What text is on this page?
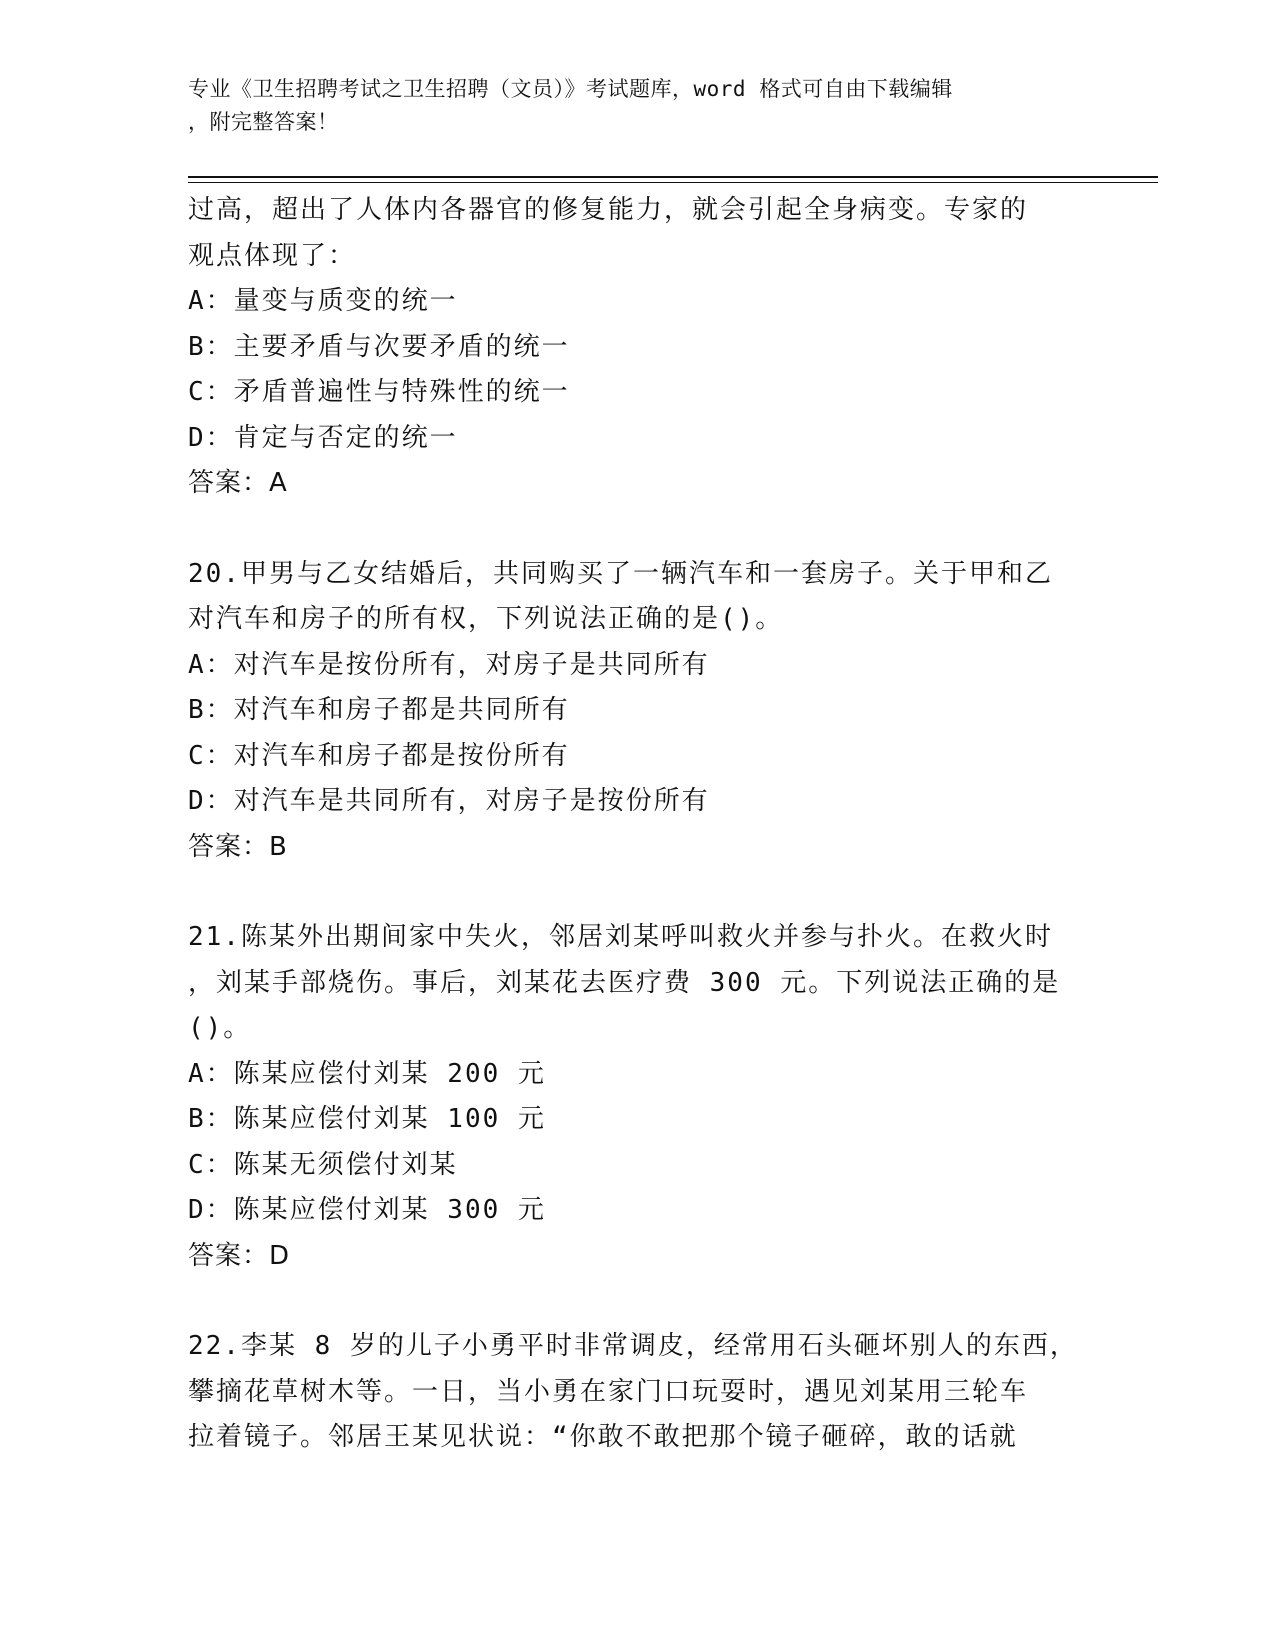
专业《卫生招聘考试之卫生招聘（文员）》考试题库，word 格式可自由下载编辑
，附完整答案！
过高，超出了人体内各器官的修复能力，就会引起全身病变。专家的
观点体现了：
A：量变与质变的统一
B：主要矛盾与次要矛盾的统一
C：矛盾普遍性与特殊性的统一
D：肯定与否定的统一
答案：A
20.甲男与乙女结婚后，共同购买了一辆汽车和一套房子。关于甲和乙
对汽车和房子的所有权，下列说法正确的是()。
A：对汽车是按份所有，对房子是共同所有
B：对汽车和房子都是共同所有
C：对汽车和房子都是按份所有
D：对汽车是共同所有，对房子是按份所有
答案：B
21.陈某外出期间家中失火，邻居刘某呼叫救火并参与扑火。在救火时
，刘某手部烧伤。事后，刘某花去医疗费 300 元。下列说法正确的是
()。
A：陈某应偿付刘某 200 元
B：陈某应偿付刘某 100 元
C：陈某无须偿付刘某
D：陈某应偿付刘某 300 元
答案：D
22.李某 8 岁的儿子小勇平时非常调皮，经常用石头砸坏别人的东西，
攀摘花草树木等。一日，当小勇在家门口玩耍时，遇见刘某用三轮车
拉着镜子。邻居王某见状说：“你敢不敢把那个镜子砸碎，敢的话就
